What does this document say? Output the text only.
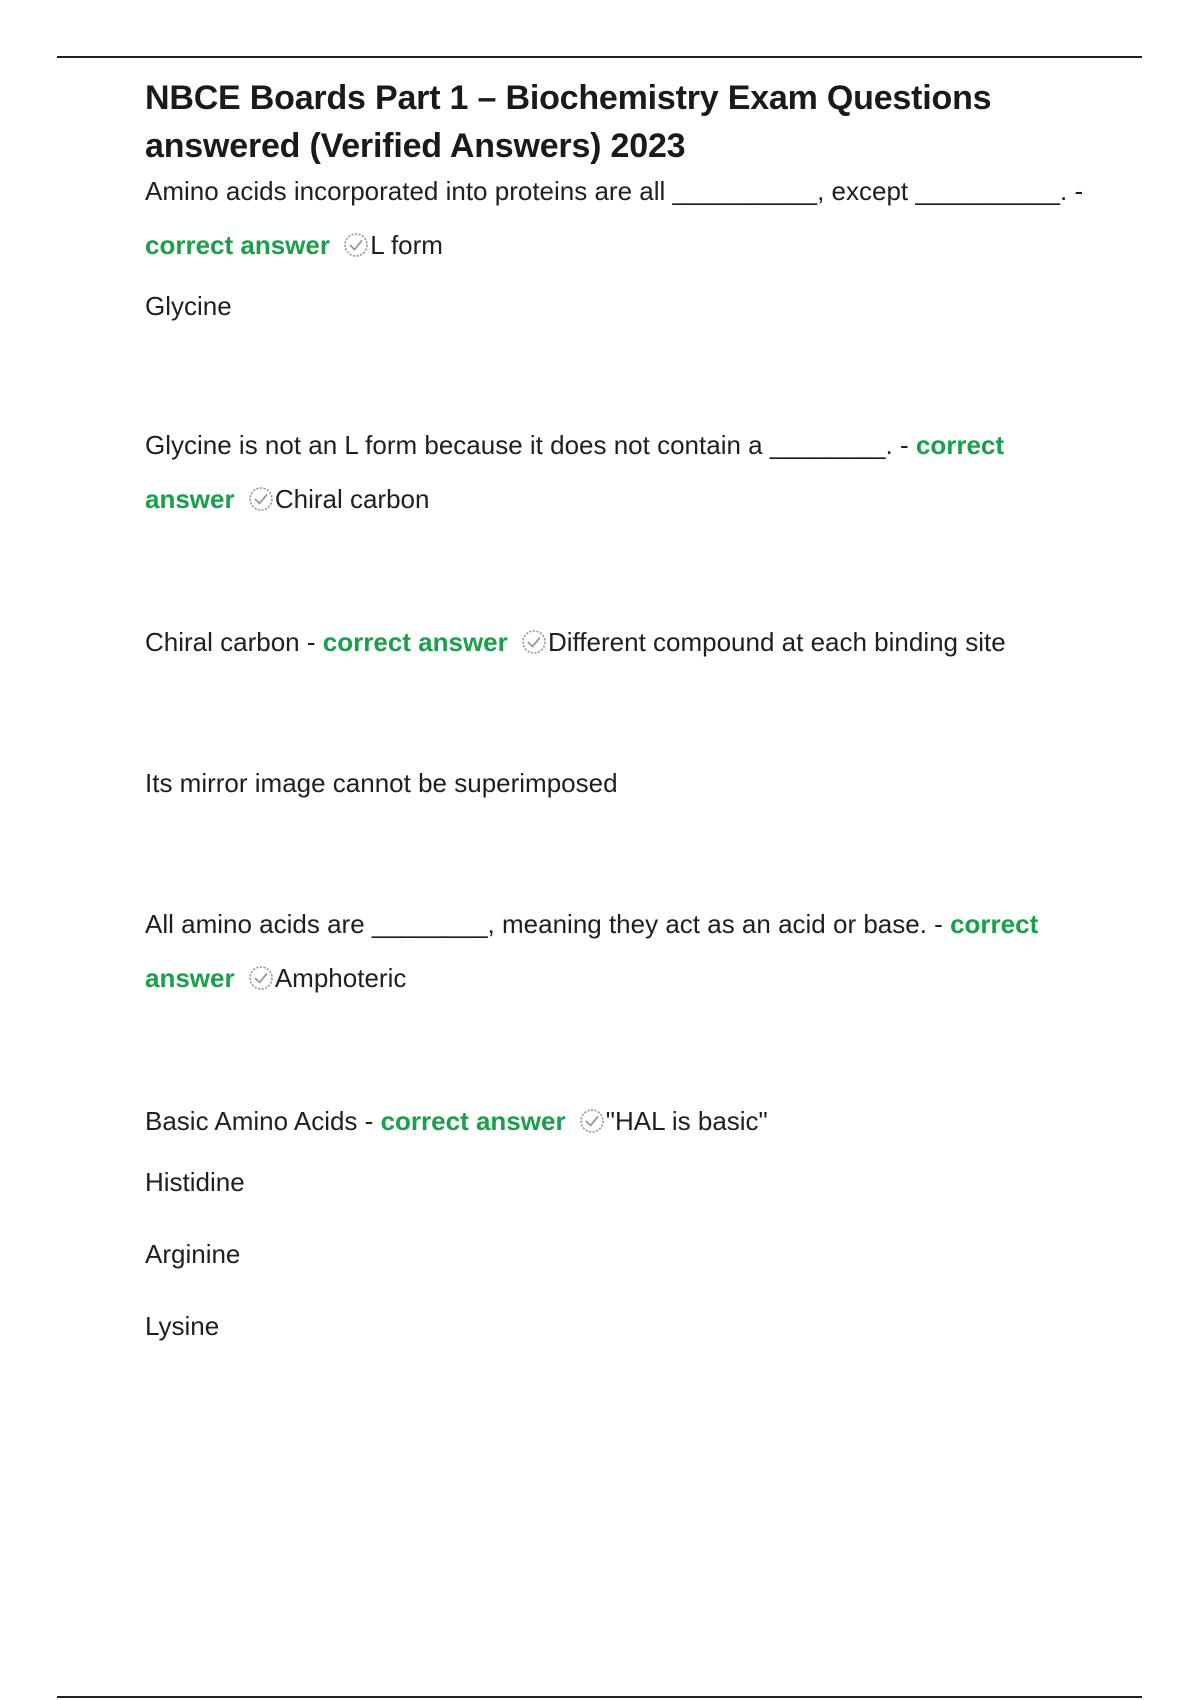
NBCE Boards Part 1 – Biochemistry Exam Questions answered (Verified Answers) 2023

Amino acids incorporated into proteins are all __________, except __________. - correct answer L form

Glycine

Glycine is not an L form because it does not contain a ________. - correct answer Chiral carbon

Chiral carbon - correct answer Different compound at each binding site

Its mirror image cannot be superimposed

All amino acids are ________, meaning they act as an acid or base. - correct answer Amphoteric

Basic Amino Acids - correct answer "HAL is basic"

Histidine

Arginine

Lysine
